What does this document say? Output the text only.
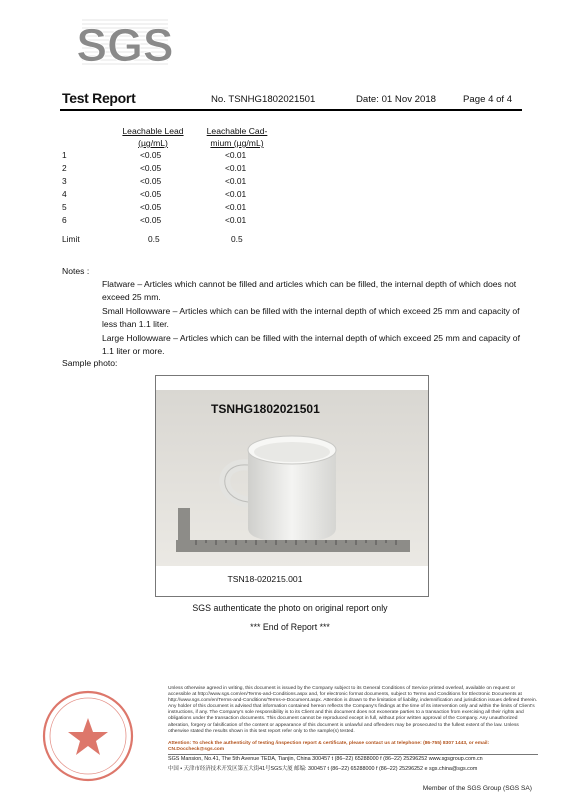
SGS
Test Report	No. TSNHG1802021501	Date: 01 Nov 2018	Page 4 of 4
Leachable Lead
(µg/mL)
Leachable Cad-
mium (µg/mL)
1	<0.05	<0.01
2	<0.05	<0.01
3	<0.05	<0.01
4	<0.05	<0.01
5	<0.05	<0.01
6	<0.05	<0.01
Limit	0.5	0.5
Notes :
Flatware – Articles which cannot be filled and articles which can be filled, the internal depth of which does not exceed 25 mm.
Small Hollowware – Articles which can be filled with the internal depth of which exceed 25 mm and capacity of less than 1.1 liter.
Large Hollowware – Articles which can be filled with the internal depth of which exceed 25 mm and capacity of 1.1 liter or more.
Sample photo:
TSNHG1802021501
TSN18-020215.001
SGS authenticate the photo on original report only
*** End of Report ***
Unless otherwise agreed in writing, this document is issued by the Company subject to its General Conditions of Service printed overleaf, available on request or accessible at http://www.sgs.com/en/Terms-and-Conditions.aspx and, for electronic format documents, subject to Terms and Conditions for Electronic Documents at http://www.sgs.com/en/Terms-and-Conditions/Terms-e-Document.aspx. Attention is drawn to the limitation of liability, indemnification and jurisdiction issues defined therein. Any holder of this document is advised that information contained hereon reflects the Company's findings at the time of its intervention only and within the limits of Client's instructions, if any. The Company's sole responsibility is to its Client and this document does not exonerate parties to a transaction from exercising all their rights and obligations under the transaction documents. This document cannot be reproduced except in full, without prior written approval of the Company. Any unauthorized alteration, forgery or falsification of the content or appearance of this document is unlawful and offenders may be prosecuted to the fullest extent of the law. Unless otherwise stated the results shown in this test report refer only to the sample(s) tested.
Attention: To check the authenticity of testing /inspection report & certificate, please contact us at telephone: (86-755) 8307 1443, or email: CN.Doccheck@sgs.com
SGS Mansion, No.41, The 5th Avenue TEDA, Tianjin, China 300457 t (86–22) 65288000 f (86–22) 25296252 www.sgsgroup.com.cn
中国 • 天津市经济技术开发区第五大街41号SGS大厦 邮编: 300457 t (86–22) 65288000 f (86–22) 25296252 e sgs.china@sgs.com
Member of the SGS Group (SGS SA)
